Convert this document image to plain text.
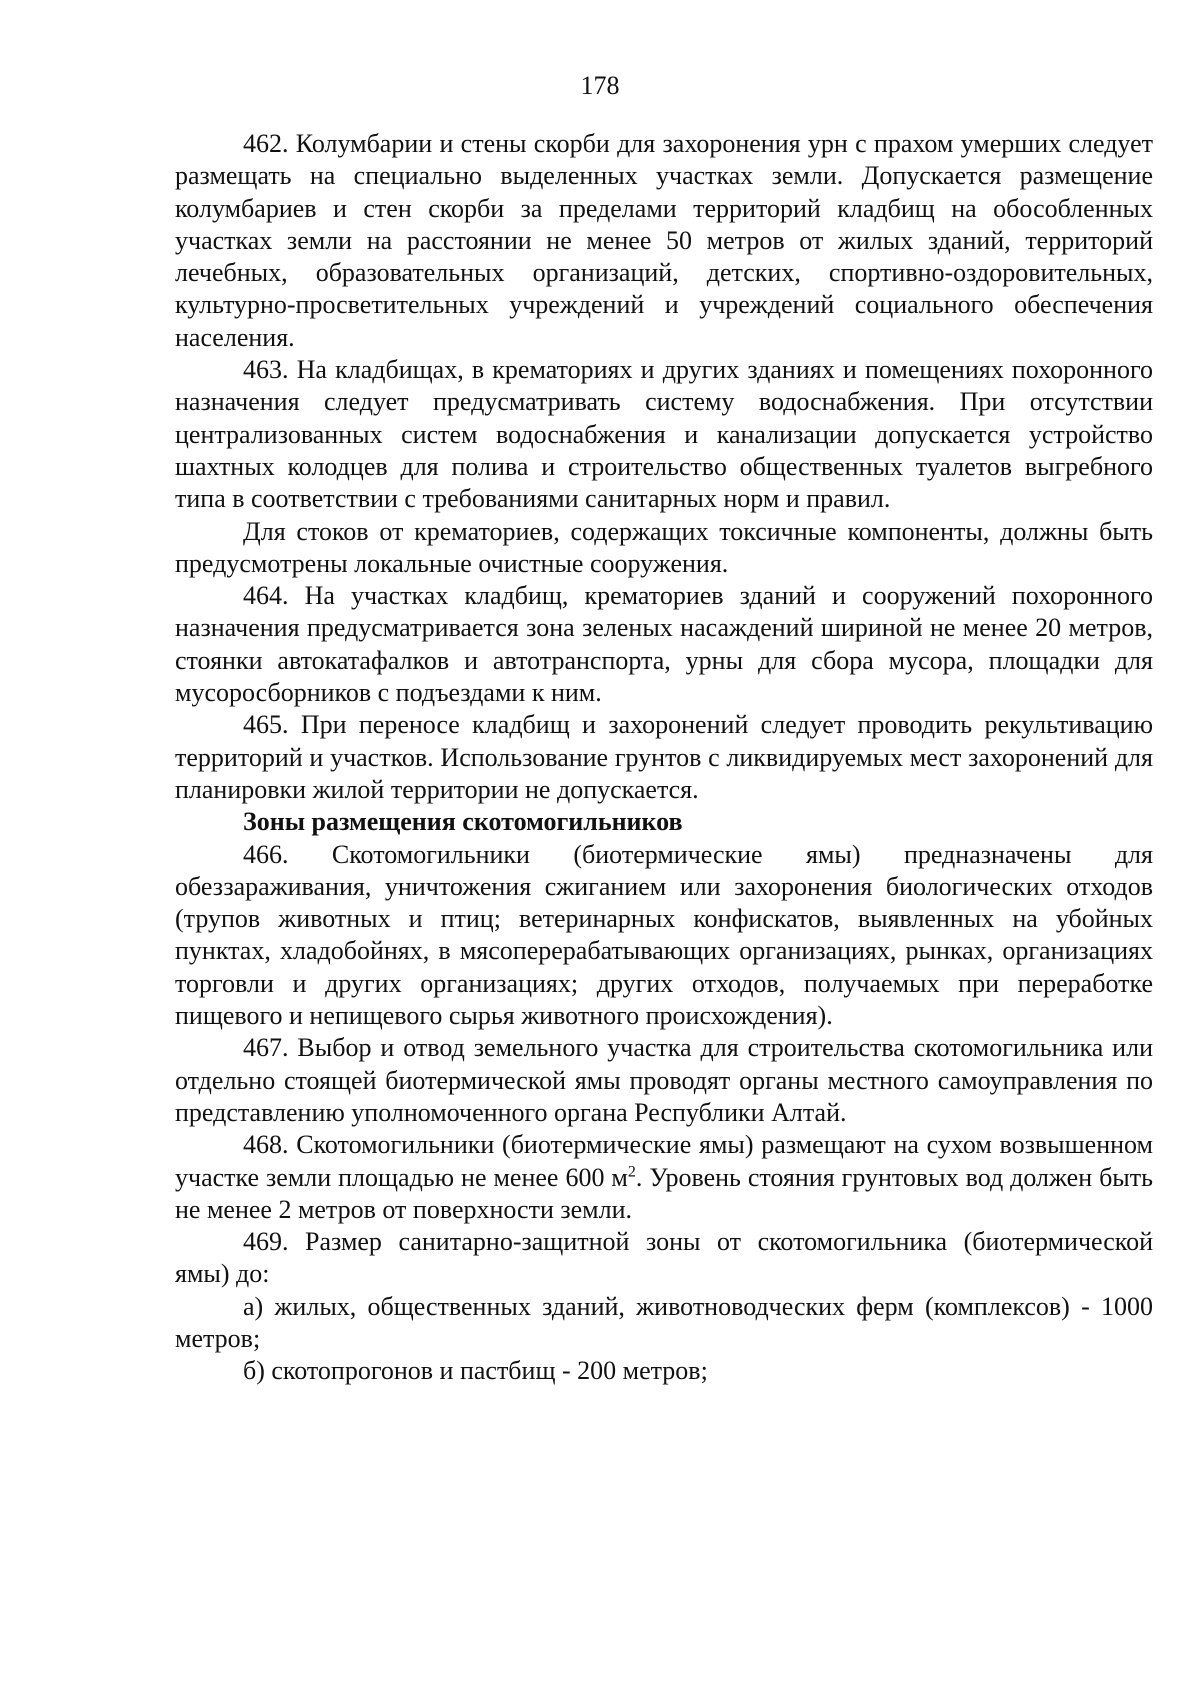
178

462. Колумбарии и стены скорби для захоронения урн с прахом умерших следует размещать на специально выделенных участках земли. Допускается размещение колумбариев и стен скорби за пределами территорий кладбищ на обособленных участках земли на расстоянии не менее 50 метров от жилых зданий, территорий лечебных, образовательных организаций, детских, спортивно-оздоровительных, культурно-просветительных учреждений и учреждений социального обеспечения населения.

463. На кладбищах, в крематориях и других зданиях и помещениях похоронного назначения следует предусматривать систему водоснабжения. При отсутствии централизованных систем водоснабжения и канализации допускается устройство шахтных колодцев для полива и строительство общественных туалетов выгребного типа в соответствии с требованиями санитарных норм и правил.

Для стоков от крематориев, содержащих токсичные компоненты, должны быть предусмотрены локальные очистные сооружения.

464. На участках кладбищ, крематориев зданий и сооружений похоронного назначения предусматривается зона зеленых насаждений шириной не менее 20 метров, стоянки автокатафалков и автотранспорта, урны для сбора мусора, площадки для мусоросборников с подъездами к ним.

465. При переносе кладбищ и захоронений следует проводить рекультивацию территорий и участков. Использование грунтов с ликвидируемых мест захоронений для планировки жилой территории не допускается.

Зоны размещения скотомогильников

466. Скотомогильники (биотермические ямы) предназначены для обеззараживания, уничтожения сжиганием или захоронения биологических отходов (трупов животных и птиц; ветеринарных конфискатов, выявленных на убойных пунктах, хладобойнях, в мясоперерабатывающих организациях, рынках, организациях торговли и других организациях; других отходов, получаемых при переработке пищевого и непищевого сырья животного происхождения).

467. Выбор и отвод земельного участка для строительства скотомогильника или отдельно стоящей биотермической ямы проводят органы местного самоуправления по представлению уполномоченного органа Республики Алтай.

468. Скотомогильники (биотермические ямы) размещают на сухом возвышенном участке земли площадью не менее 600 $м^2$. Уровень стояния грунтовых вод должен быть не менее 2 метров от поверхности земли.

469. Размер санитарно-защитной зоны от скотомогильника (биотермической ямы) до:

а) жилых, общественных зданий, животноводческих ферм (комплексов) - 1000 метров;

б) скотопрогонов и пастбищ - 200 метров;
